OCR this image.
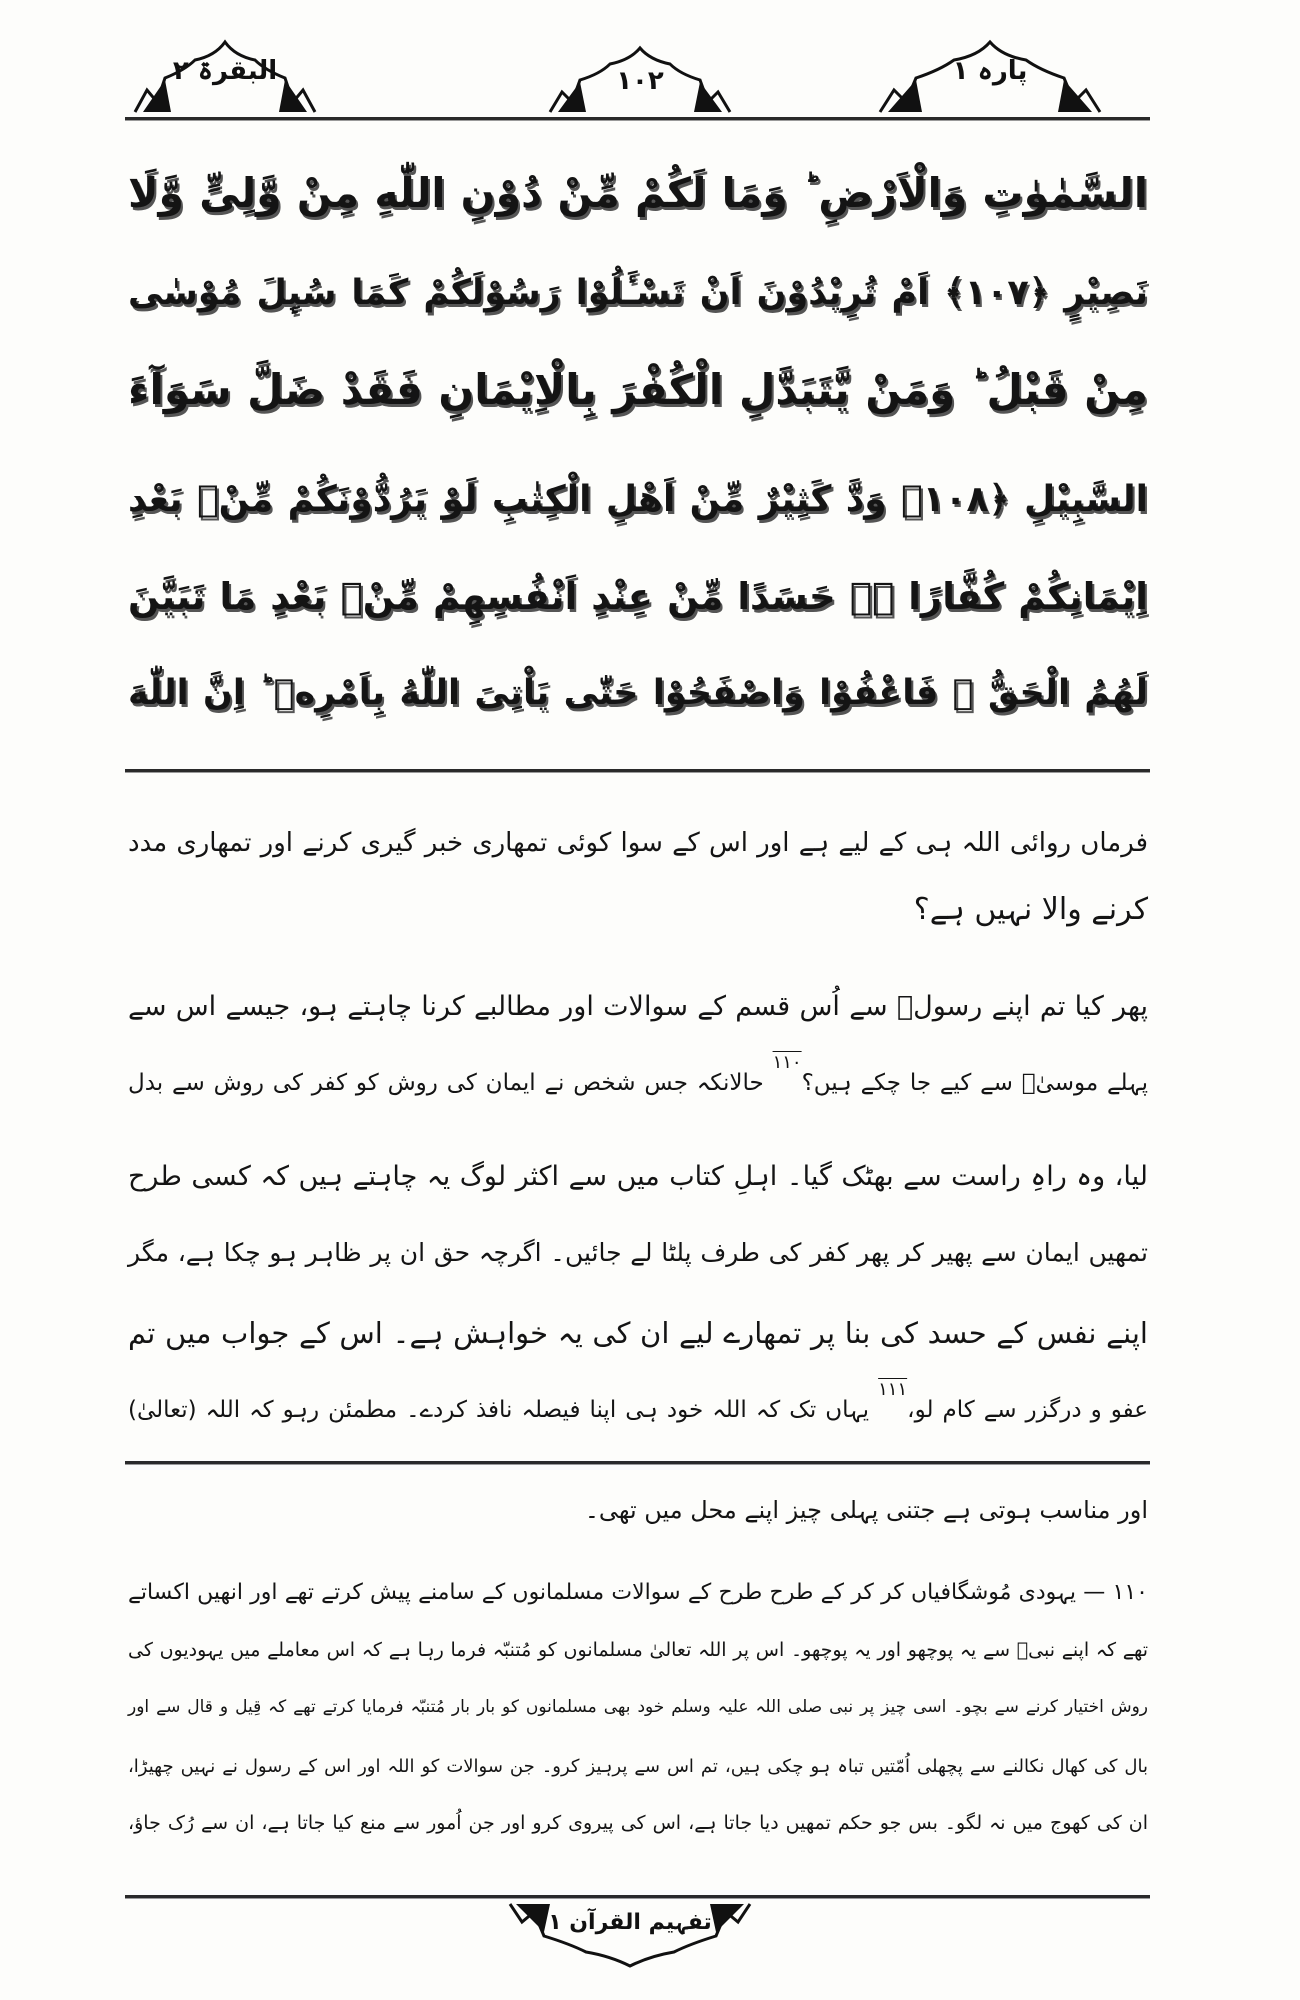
البقرۃ ۲	۱۰۲	پارہ ۱
السَّمٰوٰتِ وَالْاَرْضِ ؕ وَمَا لَكُمْ مِّنْ دُوْنِ اللّٰهِ مِنْ وَّلِیٍّ وَّلَا
نَصِیْرٍ ﴿۱۰۷﴾ اَمْ تُرِیْدُوْنَ اَنْ تَسْـَٔلُوْا رَسُوْلَكُمْ كَمَا سُىِٕلَ مُوْسٰى
مِنْ قَبْلُ ؕ وَمَنْ یَّتَبَدَّلِ الْكُفْرَ بِالْاِیْمَانِ فَقَدْ ضَلَّ سَوَآءَ
السَّبِیْلِ ﴿۱۰۸﴾ وَدَّ كَثِیْرٌ مِّنْ اَهْلِ الْكِتٰبِ لَوْ یَرُدُّوْنَكُمْ مِّنْۢ بَعْدِ
اِیْمَانِكُمْ كُفَّارًا ۖۚ حَسَدًا مِّنْ عِنْدِ اَنْفُسِهِمْ مِّنْۢ بَعْدِ مَا تَبَیَّنَ
لَهُمُ الْحَقُّ ۚ فَاعْفُوْا وَاصْفَحُوْا حَتّٰى یَاْتِیَ اللّٰهُ بِاَمْرِهٖ ؕ اِنَّ اللّٰهَ
فرماں روائی اللہ ہی کے لیے ہے اور اس کے سوا کوئی تمھاری خبر گیری کرنے اور تمھاری مدد
کرنے والا نہیں ہے؟
پھر کیا تم اپنے رسولؐ سے اُس قسم کے سوالات اور مطالبے کرنا چاہتے ہو، جیسے اس سے
پہلے موسیٰؑ سے کیے جا چکے ہیں؟$^{۱۱۰}$ حالانکہ جس شخص نے ایمان کی روش کو کفر کی روش سے بدل
لیا، وہ راہِ راست سے بھٹک گیا۔ اہلِ کتاب میں سے اکثر لوگ یہ چاہتے ہیں کہ کسی طرح
تمھیں ایمان سے پھیر کر پھر کفر کی طرف پلٹا لے جائیں۔ اگرچہ حق ان پر ظاہر ہو چکا ہے، مگر
اپنے نفس کے حسد کی بنا پر تمھارے لیے ان کی یہ خواہش ہے۔ اس کے جواب میں تم
عفو و درگزر سے کام لو،$^{۱۱۱}$ یہاں تک کہ اللہ خود ہی اپنا فیصلہ نافذ کردے۔ مطمئن رہو کہ اللہ (تعالیٰ)
اور مناسب ہوتی ہے جتنی پہلی چیز اپنے محل میں تھی۔
۱۱۰ — یہودی مُوشگافیاں کر کر کے طرح طرح کے سوالات مسلمانوں کے سامنے پیش کرتے تھے اور انھیں اکساتے
تھے کہ اپنے نبیؐ سے یہ پوچھو اور یہ پوچھو۔ اس پر اللہ تعالیٰ مسلمانوں کو مُتنبّہ فرما رہا ہے کہ اس معاملے میں یہودیوں کی
روش اختیار کرنے سے بچو۔ اسی چیز پر نبی صلی اللہ علیہ وسلم خود بھی مسلمانوں کو بار بار مُتنبّہ فرمایا کرتے تھے کہ قِیل و قال سے اور
بال کی کھال نکالنے سے پچھلی اُمّتیں تباہ ہو چکی ہیں، تم اس سے پرہیز کرو۔ جن سوالات کو اللہ اور اس کے رسول نے نہیں چھیڑا،
ان کی کھوج میں نہ لگو۔ بس جو حکم تمھیں دیا جاتا ہے، اس کی پیروی کرو اور جن اُمور سے منع کیا جاتا ہے، ان سے رُک جاؤ،
تفہیم القرآن ۱
